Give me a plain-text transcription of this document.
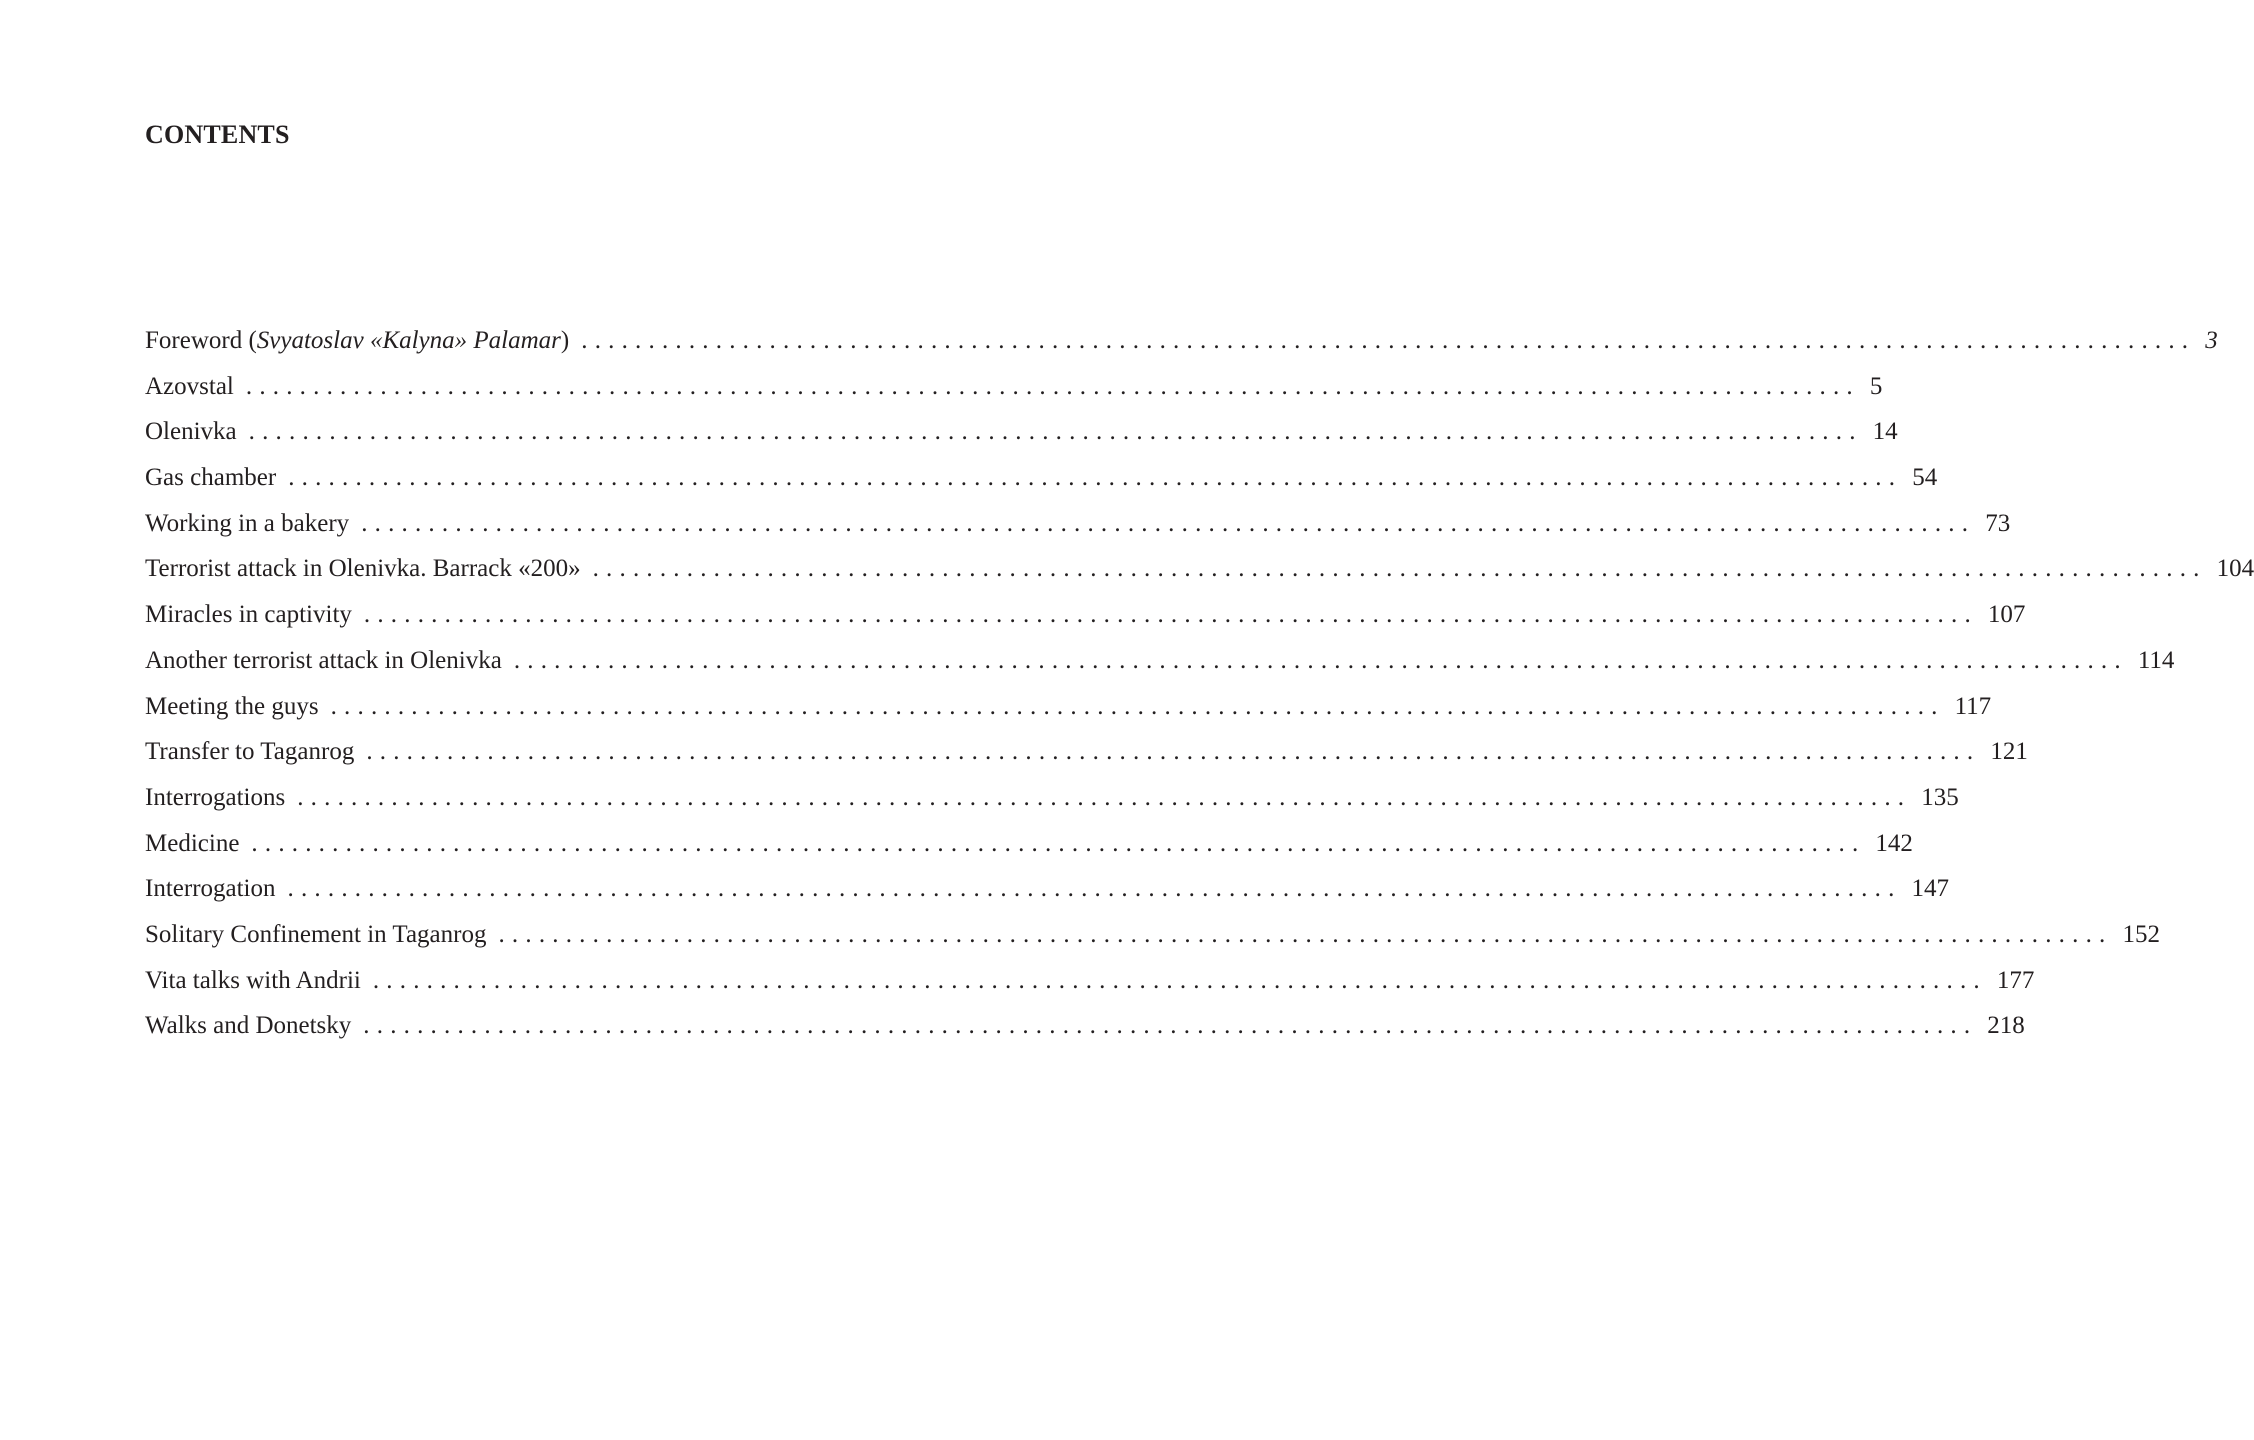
CONTENTS
Foreword (Svyatoslav «Kalyna» Palamar) ........................................................................................................................ 3
Azovstal ........................................................................................................................ 5
Olenivka ........................................................................................................................ 14
Gas chamber ........................................................................................................................ 54
Working in a bakery ........................................................................................................................ 73
Terrorist attack in Olenivka. Barrack «200» ........................................................................................................................ 104
Miracles in captivity ........................................................................................................................ 107
Another terrorist attack in Olenivka ........................................................................................................................ 114
Meeting the guys ........................................................................................................................ 117
Transfer to Taganrog ........................................................................................................................ 121
Interrogations ........................................................................................................................ 135
Medicine ........................................................................................................................ 142
Interrogation ........................................................................................................................ 147
Solitary Confinement in Taganrog ........................................................................................................................ 152
Vita talks with Andrii ........................................................................................................................ 177
Walks and Donetsky ........................................................................................................................ 218
